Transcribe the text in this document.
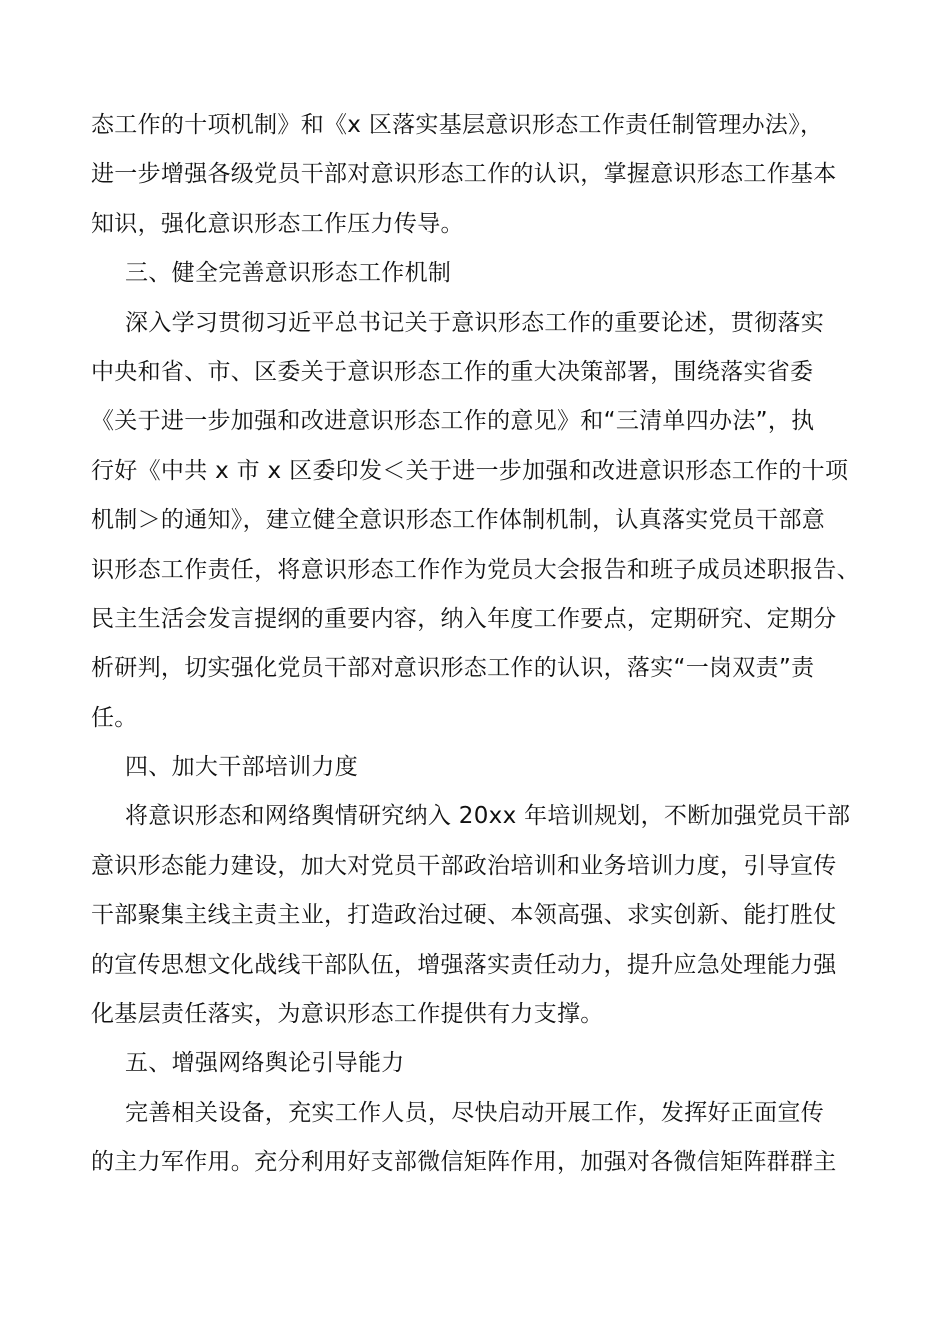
态工作的十项机制》和《x 区落实基层意识形态工作责任制管理办法》，
进一步增强各级党员干部对意识形态工作的认识，掌握意识形态工作基本
知识，强化意识形态工作压力传导。
三、健全完善意识形态工作机制
深入学习贯彻习近平总书记关于意识形态工作的重要论述，贯彻落实
中央和省、市、区委关于意识形态工作的重大决策部署，围绕落实省委
《关于进一步加强和改进意识形态工作的意见》和“三清单四办法”，执
行好《中共 x 市 x 区委印发＜关于进一步加强和改进意识形态工作的十项
机制＞的通知》，建立健全意识形态工作体制机制，认真落实党员干部意
识形态工作责任，将意识形态工作作为党员大会报告和班子成员述职报告、
民主生活会发言提纲的重要内容，纳入年度工作要点，定期研究、定期分
析研判，切实强化党员干部对意识形态工作的认识，落实“一岗双责”责
任。
四、加大干部培训力度
将意识形态和网络舆情研究纳入 20xx 年培训规划，不断加强党员干部
意识形态能力建设，加大对党员干部政治培训和业务培训力度，引导宣传
干部聚集主线主责主业，打造政治过硬、本领高强、求实创新、能打胜仗
的宣传思想文化战线干部队伍，增强落实责任动力，提升应急处理能力强
化基层责任落实，为意识形态工作提供有力支撑。
五、增强网络舆论引导能力
完善相关设备，充实工作人员，尽快启动开展工作，发挥好正面宣传
的主力军作用。充分利用好支部微信矩阵作用，加强对各微信矩阵群群主
